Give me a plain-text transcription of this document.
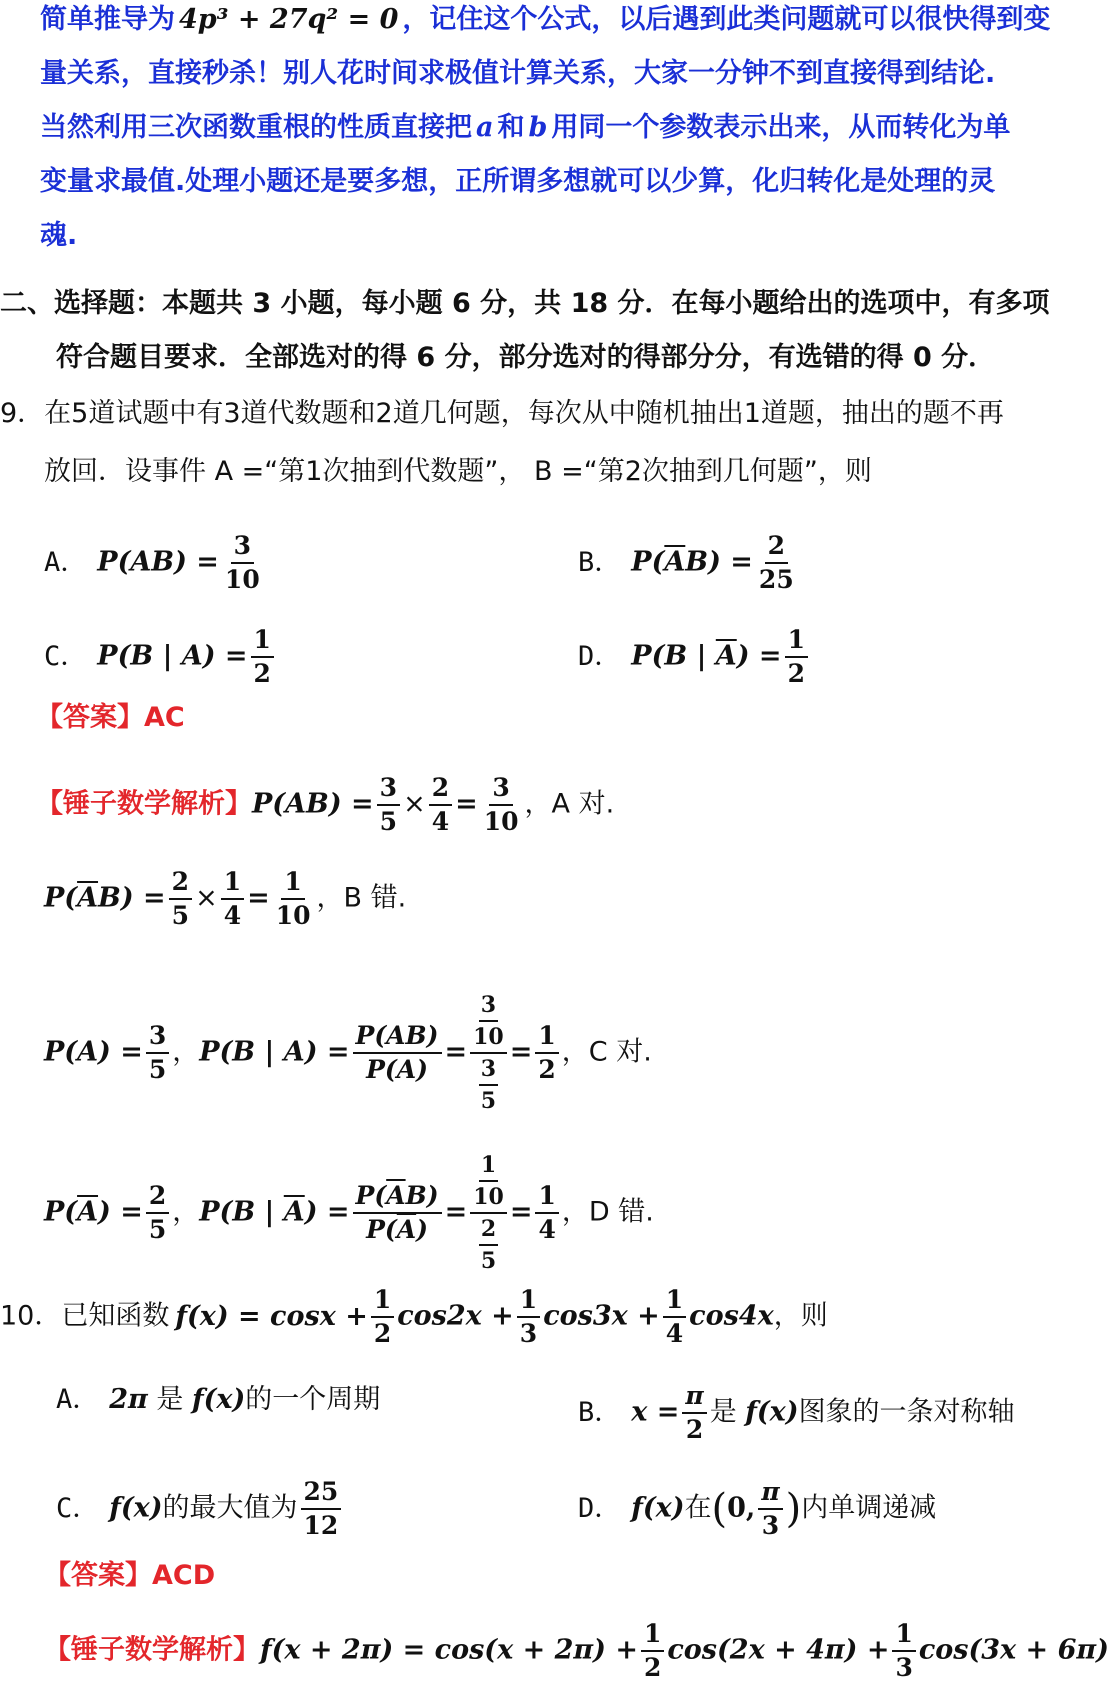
简单推导为 4p³ + 27q² = 0 ，记住这个公式，以后遇到此类问题就可以很快得到变
量关系，直接秒杀！别人花时间求极值计算关系，大家一分钟不到直接得到结论.
当然利用三次函数重根的性质直接把 a 和 b 用同一个参数表示出来，从而转化为单
变量求最值.处理小题还是要多想，正所谓多想就可以少算，化归转化是处理的灵
魂.
二、选择题：本题共 3 小题，每小题 6 分，共 18 分．在每小题给出的选项中，有多项
符合题目要求．全部选对的得 6 分，部分选对的得部分分，有选错的得 0 分．
9．在5道试题中有3道代数题和2道几何题，每次从中随机抽出1道题，抽出的题不再
放回．设事件 A =“第1次抽到代数题”， B =“第2次抽到几何题”，则
A． $P(AB) = \frac{3}{10}$	B． $P(\overline{A}B) = \frac{2}{25}$
C． P(B | $A) = \frac{1}{2}$	D． P(B | $\overline{A}) = \frac{1}{2}$
【答案】AC
【锤子数学解析】$P(AB) = \frac{3}{5} \times \frac{2}{4} = \frac{3}{10}$ ，A 对.
$P(\overline{A}B) = \frac{2}{5} \times \frac{1}{4} = \frac{1}{10}$ ，B 错.
$P(A) = \frac{3}{5}$ ，P(B | $A) = \frac{P(AB)}{P(A)} = \frac{\frac{3}{10}}{\frac{3}{5}} = \frac{1}{2}$ ，C 对.
$P(\overline{A}) = \frac{2}{5}$ ，P(B | $\overline{A}) = \frac{P(\overline{A}B)}{P(\overline{A})} = \frac{\frac{1}{10}}{\frac{2}{5}} = \frac{1}{4}$ ，D 错.
10．已知函数 $f(x) = \cos x + \frac{1}{2} \cos 2x + \frac{1}{3} \cos 3x + \frac{1}{4} \cos 4x$，则
A． 2π 是 f(x)的一个周期	B． $x = \frac{\pi}{2}$ 是 f(x)图象的一条对称轴
C． f(x)的最大值为 $\frac{25}{12}$	D． f(x)在(0, $\frac{\pi}{3}$ )内单调递减
【答案】ACD
【锤子数学解析】$f(x + 2\pi) = \cos(x + 2\pi) + \frac{1}{2} \cos(2x + 4\pi) + \frac{1}{3} \cos(3x + 6\pi)$
